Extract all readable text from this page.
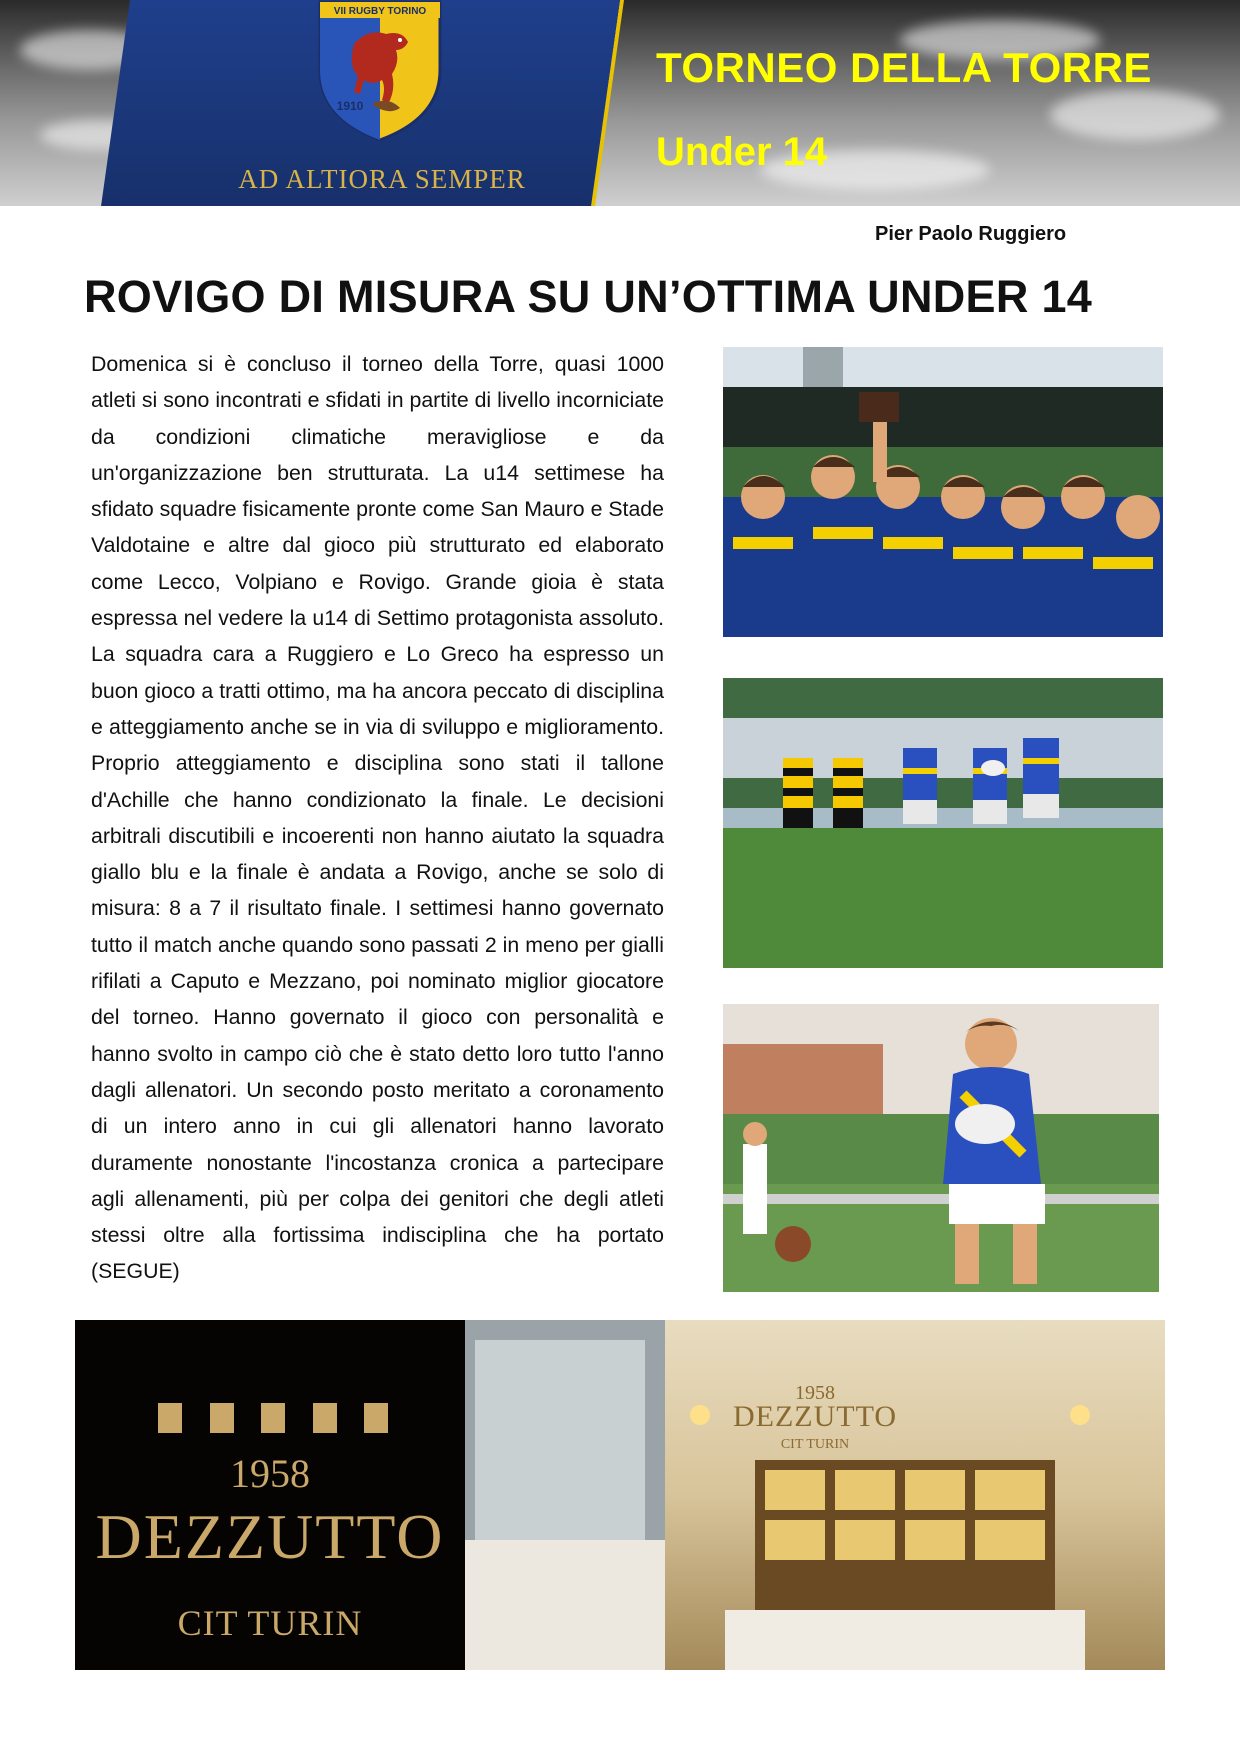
VII RUGBY TORINO
1910
AD ALTIORA SEMPER
TORNEO DELLA TORRE
Under 14
Pier Paolo Ruggiero
ROVIGO DI MISURA SU UN’OTTIMA UNDER 14
Domenica si è concluso il torneo della Torre, quasi 1000 atleti si sono incontrati e sfidati in partite di livello incorniciate da condizioni climatiche meravigliose e da un'organizzazione ben strutturata. La u14 settimese ha sfidato squadre fisicamente pronte come San Mauro e Stade Valdotaine e altre dal gioco più strutturato ed elaborato come Lecco, Volpiano e Rovigo. Grande gioia è stata espressa nel vedere la u14 di Settimo protagonista assoluto. La squadra cara a Ruggiero e Lo Greco ha espresso un buon gioco a tratti ottimo, ma ha ancora peccato di disciplina e atteggiamento anche se in via di sviluppo e miglioramento. Proprio atteggiamento e disciplina sono stati il tallone d'Achille che hanno condizionato la finale. Le decisioni arbitrali discutibili e incoerenti non hanno aiutato la squadra giallo blu e la finale è andata a Rovigo, anche se solo di misura: 8 a 7 il risultato finale. I settimesi hanno governato tutto il match anche quando sono passati 2 in meno per gialli rifilati a Caputo e Mezzano, poi nominato miglior giocatore del torneo. Hanno governato il gioco con personalità e hanno svolto in campo ciò che è stato detto loro tutto l'anno dagli allenatori. Un secondo posto meritato a coronamento di un intero anno in cui gli allenatori hanno lavorato duramente nonostante l'incostanza cronica a partecipare agli allenamenti, più per colpa dei genitori che degli atleti stessi oltre alla fortissima indisciplina che ha portato (SEGUE)
1958
DEZZUTTO
CIT TURIN
1958
DEZZUTTO
CIT TURIN
